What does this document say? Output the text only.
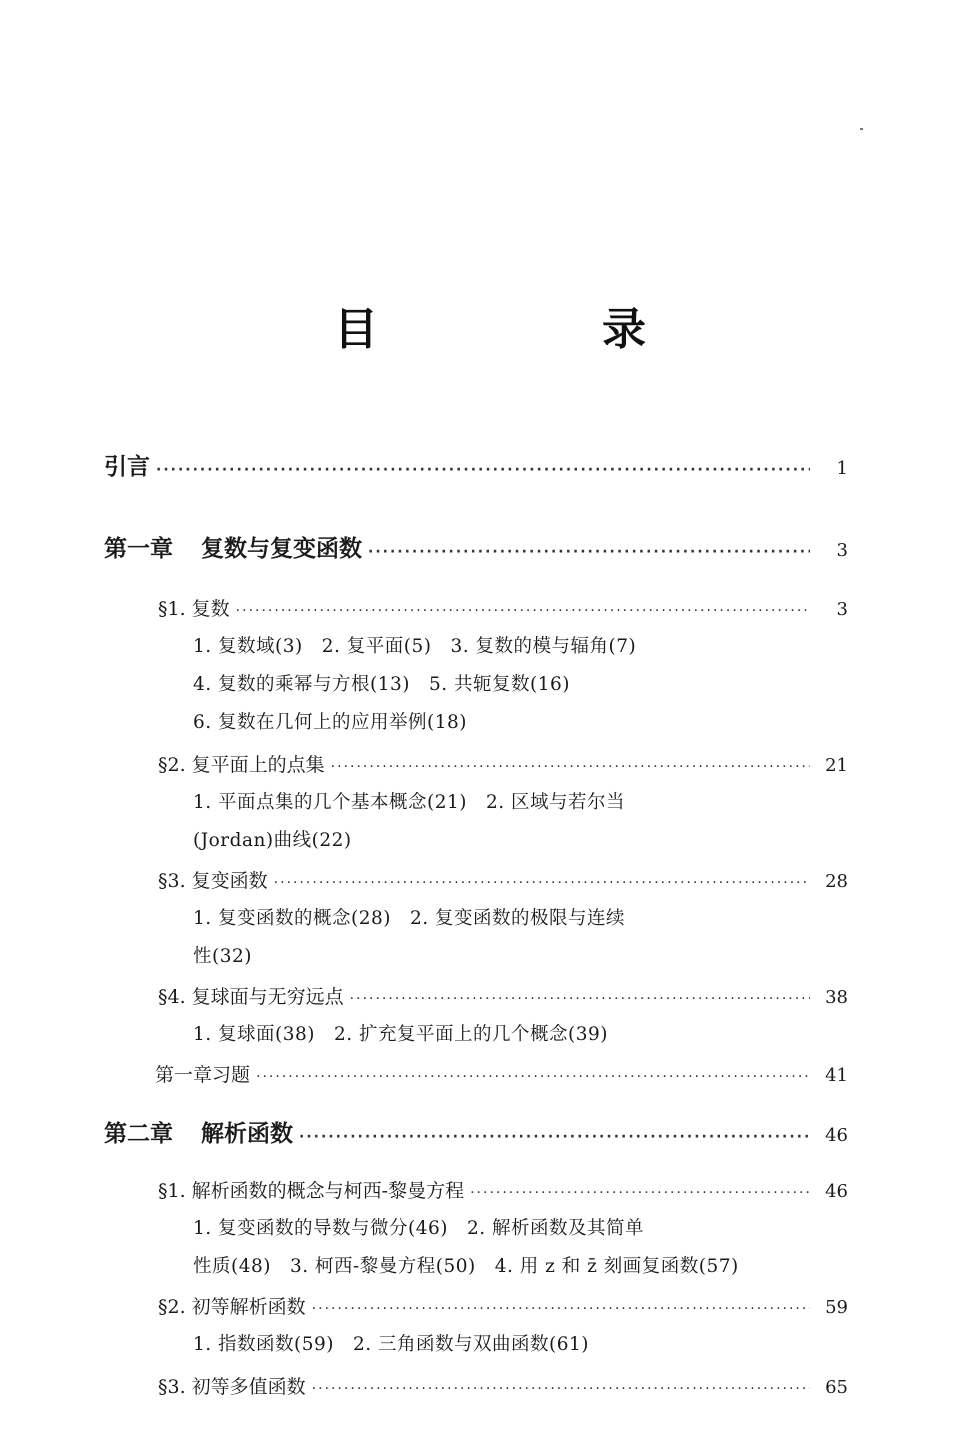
目　录
引言 ·····	1
第一章 复数与复变函数 ·····	3
§1. 复数 ·····	3
1. 复数域(3)　2. 复平面(5)　3. 复数的模与辐角(7)
4. 复数的乘幂与方根(13)　5. 共轭复数(16)
6. 复数在几何上的应用举例(18)
§2. 复平面上的点集 ·····	21
1. 平面点集的几个基本概念(21)　2. 区域与若尔当
(Jordan)曲线(22)
§3. 复变函数 ·····	28
1. 复变函数的概念(28)　2. 复变函数的极限与连续
性(32)
§4. 复球面与无穷远点 ·····	38
1. 复球面(38)　2. 扩充复平面上的几个概念(39)
第一章习题 ·····	41
第二章 解析函数 ·····	46
§1. 解析函数的概念与柯西-黎曼方程 ·····	46
1. 复变函数的导数与微分(46)　2. 解析函数及其简单
性质(48)　3. 柯西-黎曼方程(50)　4. 用 z 和 z̄ 刻画复函数(57)
§2. 初等解析函数 ·····	59
1. 指数函数(59)　2. 三角函数与双曲函数(61)
§3. 初等多值函数 ·····	65
